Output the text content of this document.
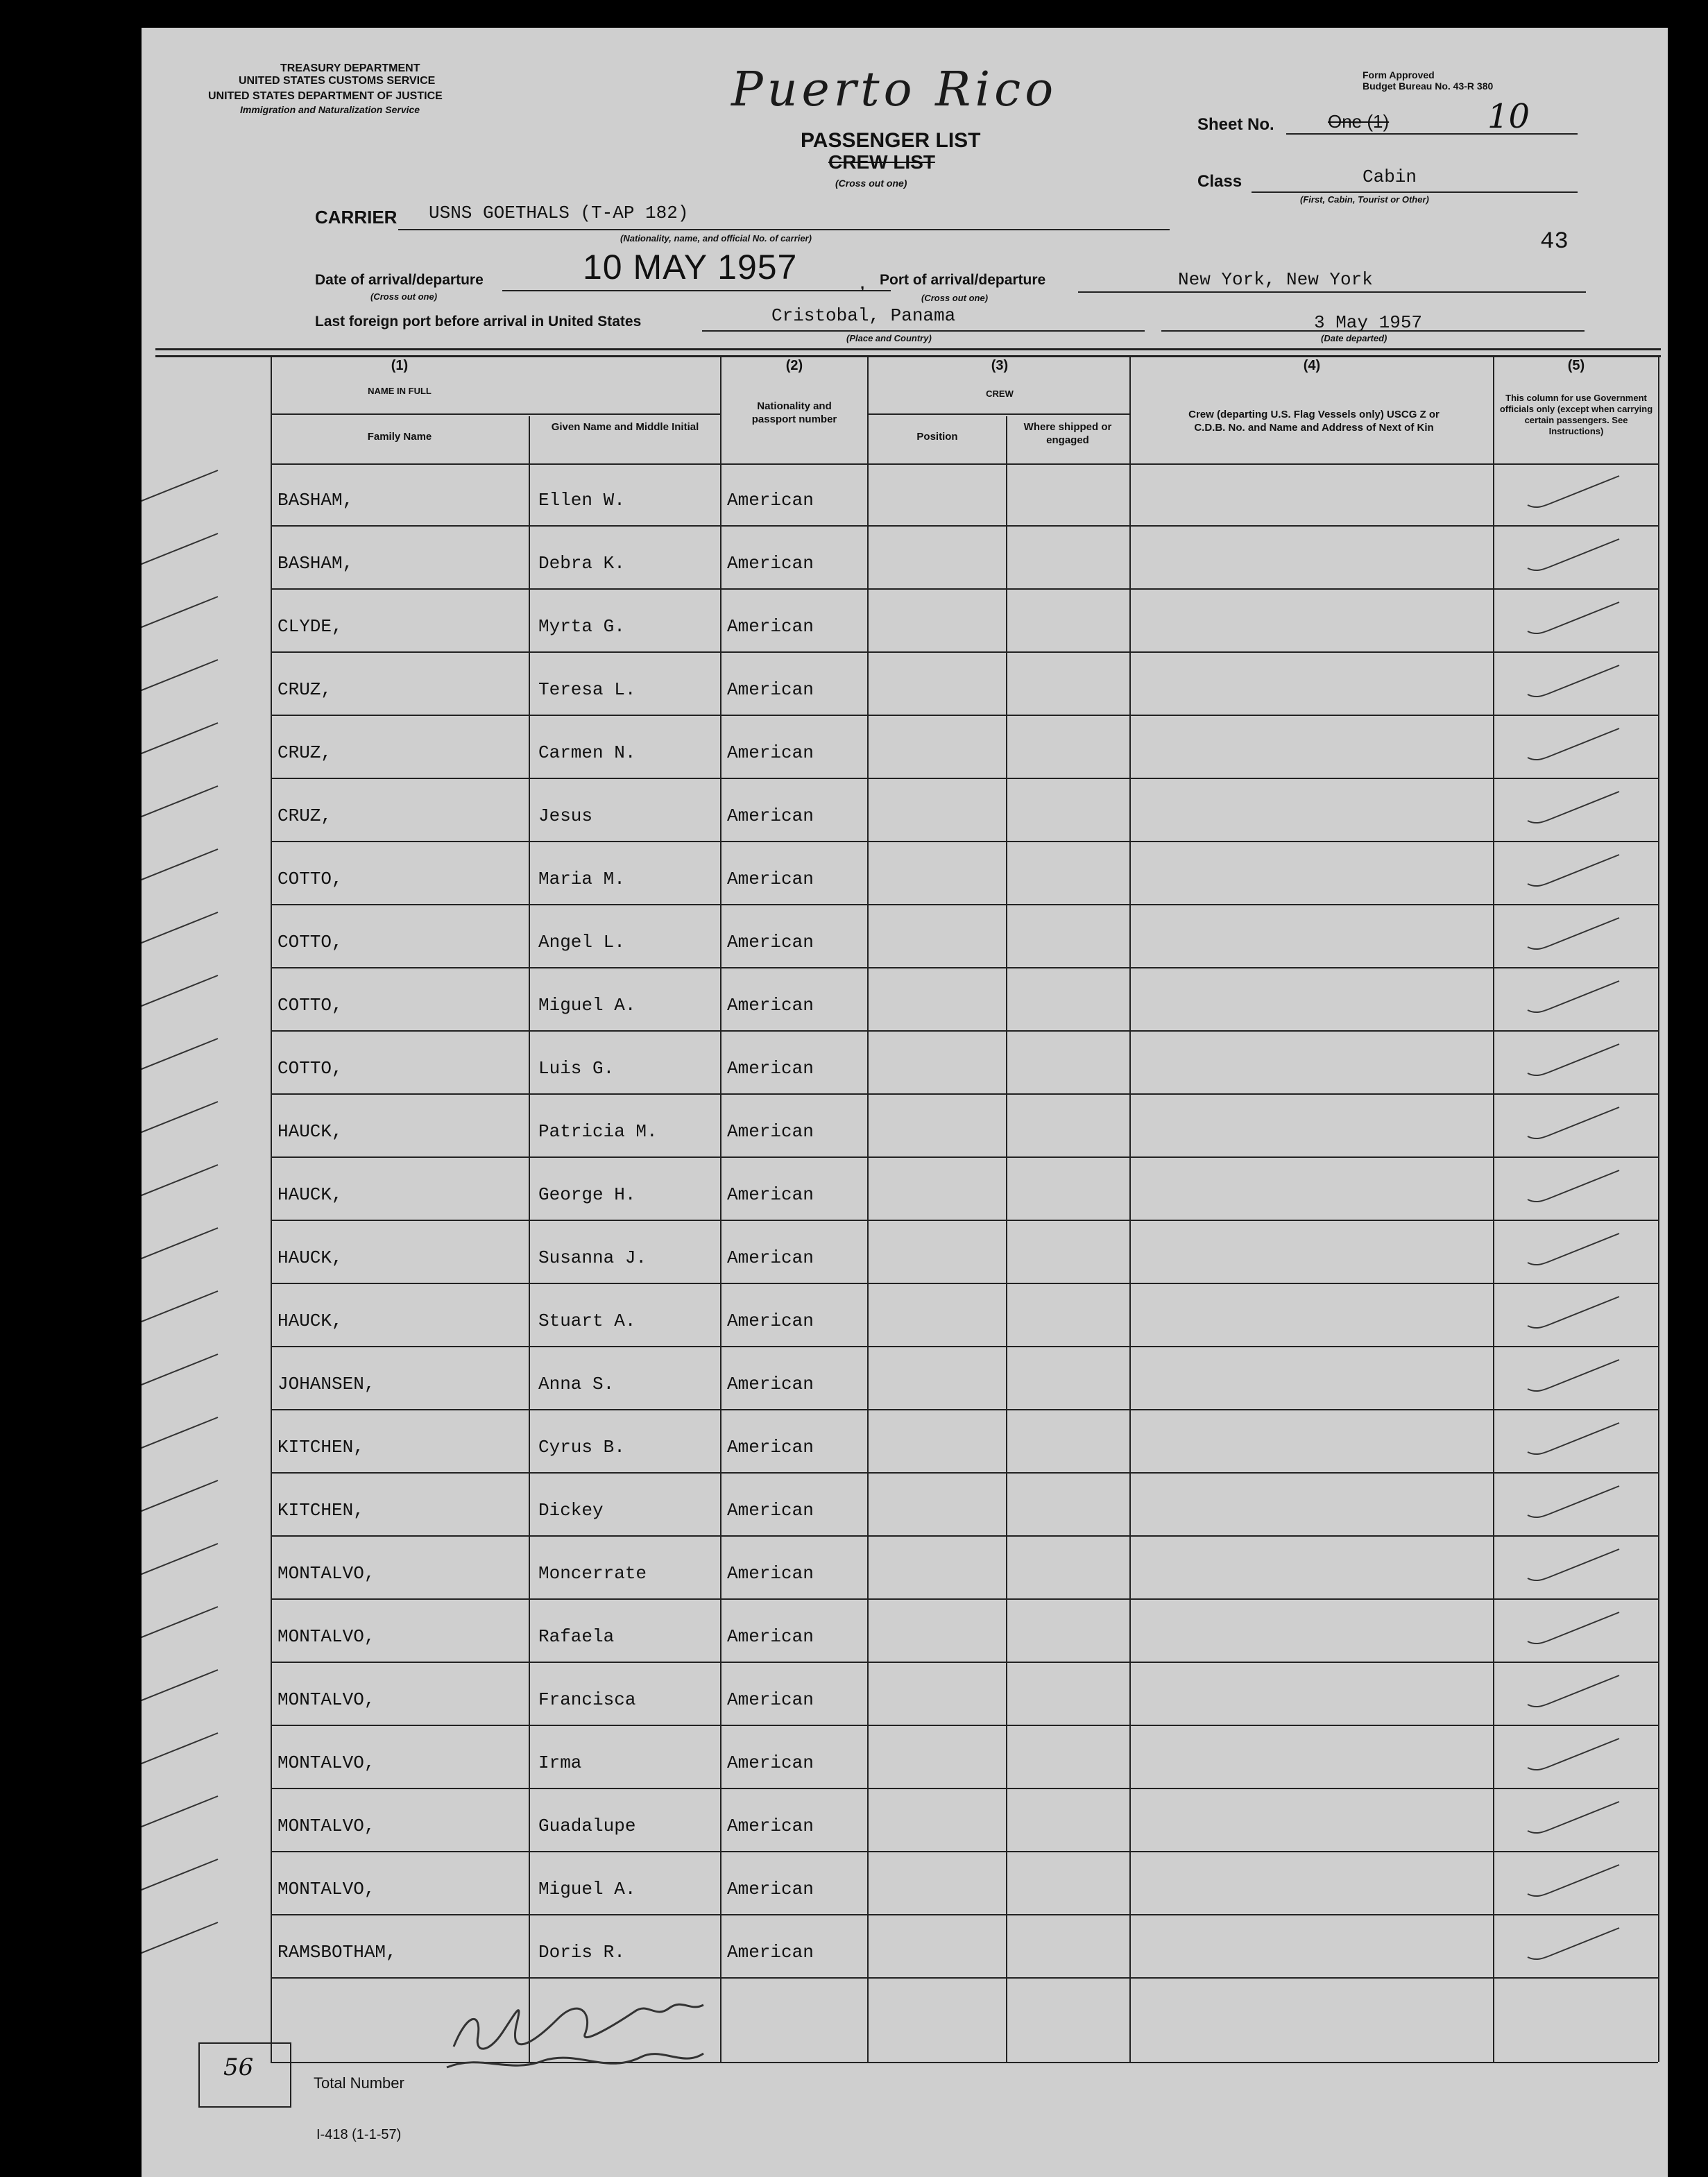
TREASURY DEPARTMENT
UNITED STATES CUSTOMS SERVICE
UNITED STATES DEPARTMENT OF JUSTICE
Immigration and Naturalization Service	Puerto Rico	Form Approved
Budget Bureau No. 43-R 380
PASSENGER LIST
CREW LIST
(Cross out one)
Sheet No.	One (1)	10
Class	Cabin
(First, Cabin, Tourist or Other)
43
CARRIER USNS GOETHALS (T-AP 182)
(Nationality, name, and official No. of carrier)
Date of arrival/departure
(Cross out one)
10 MAY 1957	, Port of arrival/departure
(Cross out one)
New York, New York
Last foreign port before arrival in United States	Cristobal, Panama
(Place and Country)
3 May 1957
(Date departed)
(1)
NAME IN FULL
Family Name
Given Name and Middle Initial
(2)
Nationality and passport number
(3)
CREW
Position
Where shipped or engaged
(4)
Crew (departing U.S. Flag Vessels only) USCG Z or C.D.B. No. and Name and Address of Next of Kin
(5)
This column for use Government officials only (except when carrying certain passengers. See Instructions)
BASHAM,	Ellen W.	American
BASHAM,	Debra K.	American
CLYDE,	Myrta G.	American
CRUZ,	Teresa L.	American
CRUZ,	Carmen N.	American
CRUZ,	Jesus	American
COTTO,	Maria M.	American
COTTO,	Angel L.	American
COTTO,	Miguel A.	American
COTTO,	Luis G.	American
HAUCK,	Patricia M.	American
HAUCK,	George H.	American
HAUCK,	Susanna J.	American
HAUCK,	Stuart A.	American
JOHANSEN,	Anna S.	American
KITCHEN,	Cyrus B.	American
KITCHEN,	Dickey	American
MONTALVO,	Moncerrate	American
MONTALVO,	Rafaela	American
MONTALVO,	Francisca	American
MONTALVO,	Irma	American
MONTALVO,	Guadalupe	American
MONTALVO,	Miguel A.	American
RAMSBOTHAM,	Doris R.	American
56
Total Number
I-418 (1-1-57)
